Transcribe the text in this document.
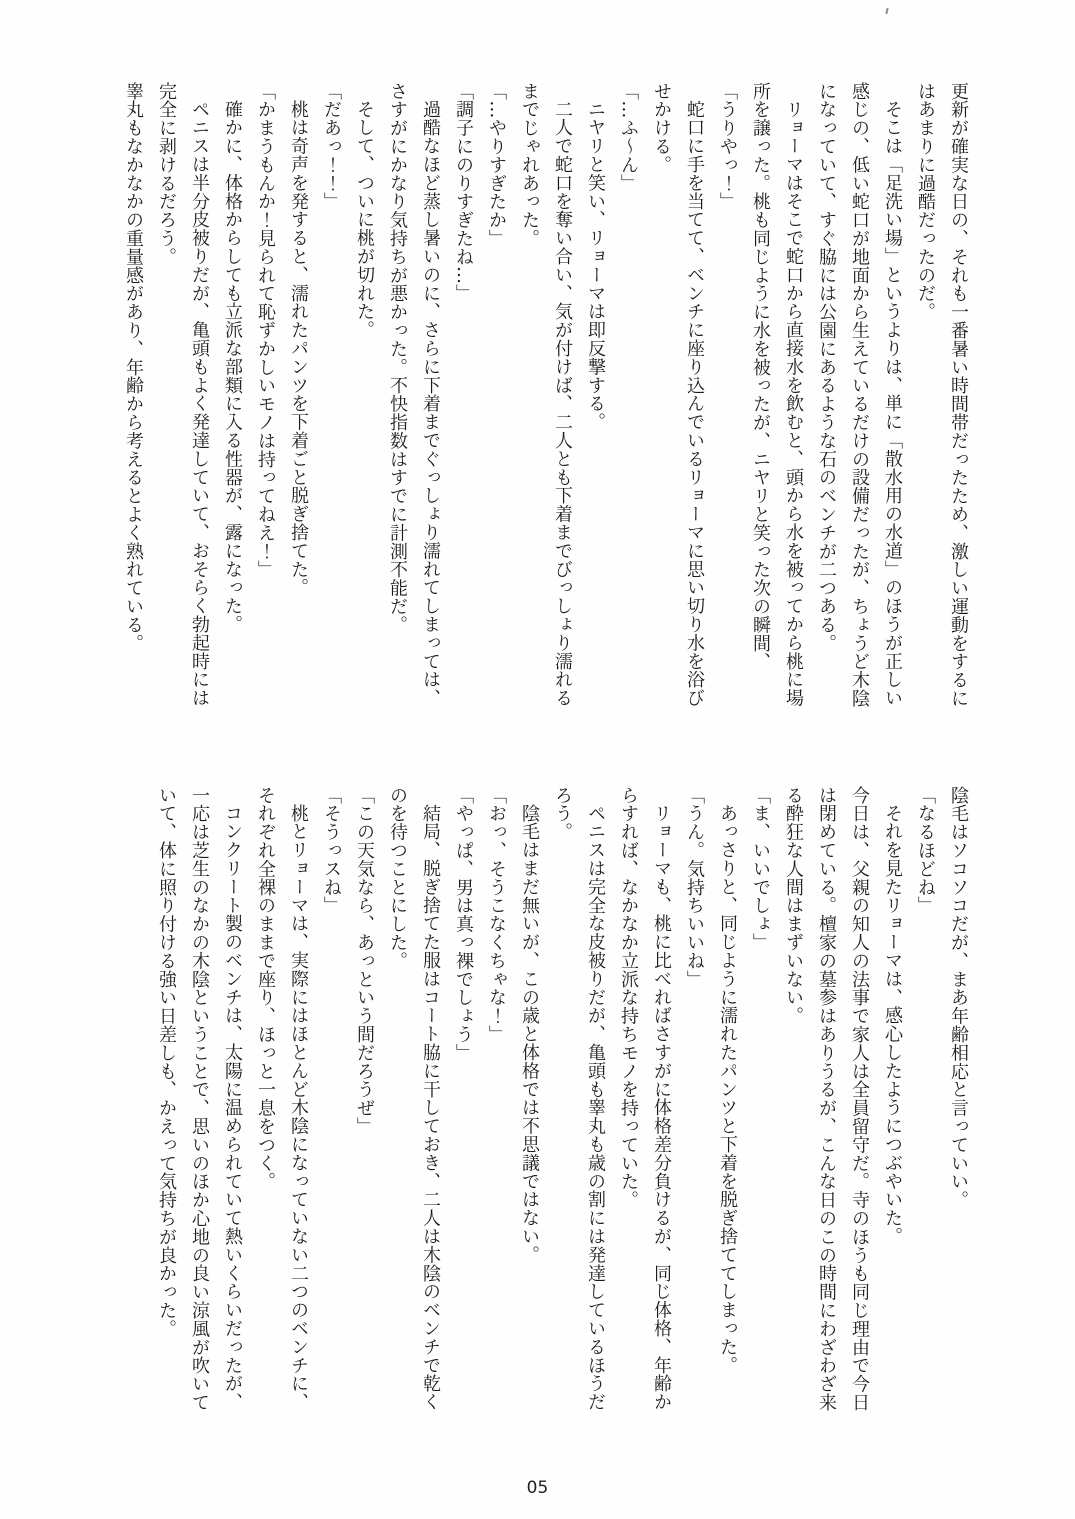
更新が確実な日の、それも一番暑い時間帯だったため、激しい運動をするにはあまりに過酷だったのだ。

そこは「足洗い場」というよりは、単に「散水用の水道」のほうが正しい感じの、低い蛇口が地面から生えているだけの設備だったが、ちょうど木陰になっていて、すぐ脇には公園にあるような石のベンチが二つある。

リョーマはそこで蛇口から直接水を飲むと、頭から水を被ってから桃に場所を譲った。桃も同じように水を被ったが、ニヤリと笑った次の瞬間、

「うりやっ！」

蛇口に手を当てて、ベンチに座り込んでいるリョーマに思い切り水を浴びせかける。

「…ふ～ん」

ニヤリと笑い、リョーマは即反撃する。

二人で蛇口を奪い合い、気が付けば、二人とも下着までびっしょり濡れるまでじゃれあった。

「…やりすぎたか」

「調子にのりすぎたね…」

過酷なほど蒸し暑いのに、さらに下着までぐっしょり濡れてしまっては、さすがにかなり気持ちが悪かった。不快指数はすでに計測不能だ。

そして、ついに桃が切れた。

「だあっ！！」

桃は奇声を発すると、濡れたパンツを下着ごと脱ぎ捨てた。

「かまうもんか！見られて恥ずかしいモノは持ってねえ！」

確かに、体格からしても立派な部類に入る性器が、露になった。

ペニスは半分皮被りだが、亀頭もよく発達していて、おそらく勃起時には完全に剥けるだろう。

睾丸もなかなかの重量感があり、年齢から考えるとよく熟れている。

陰毛はソコソコだが、まあ年齢相応と言っていい。

「なるほどね」

それを見たリョーマは、感心したようにつぶやいた。

今日は、父親の知人の法事で家人は全員留守だ。寺のほうも同じ理由で今日は閉めている。檀家の墓参はありうるが、こんな日のこの時間にわざわざ来る酔狂な人間はまずいない。

「ま、いいでしょ」

あっさりと、同じように濡れたパンツと下着を脱ぎ捨ててしまった。

「うん。気持ちいいね」

リョーマも、桃に比べればさすがに体格差分負けるが、同じ体格、年齢からすれば、なかなか立派な持ちモノを持っていた。

ペニスは完全な皮被りだが、亀頭も睾丸も歳の割には発達しているほうだろう。

陰毛はまだ無いが、この歳と体格では不思議ではない。

「おっ、そうこなくちゃな！」

「やっぱ、男は真っ裸でしょう」

結局、脱ぎ捨てた服はコート脇に干しておき、二人は木陰のベンチで乾くのを待つことにした。

「この天気なら、あっという間だろうぜ」

「そうっスね」

桃とリョーマは、実際にはほとんど木陰になっていない二つのベンチに、それぞれ全裸のままで座り、ほっと一息をつく。

コンクリート製のベンチは、太陽に温められていて熱いくらいだったが、一応は芝生のなかの木陰ということで、思いのほか心地の良い涼風が吹いていて、体に照り付ける強い日差しも、かえって気持ちが良かった。

05
